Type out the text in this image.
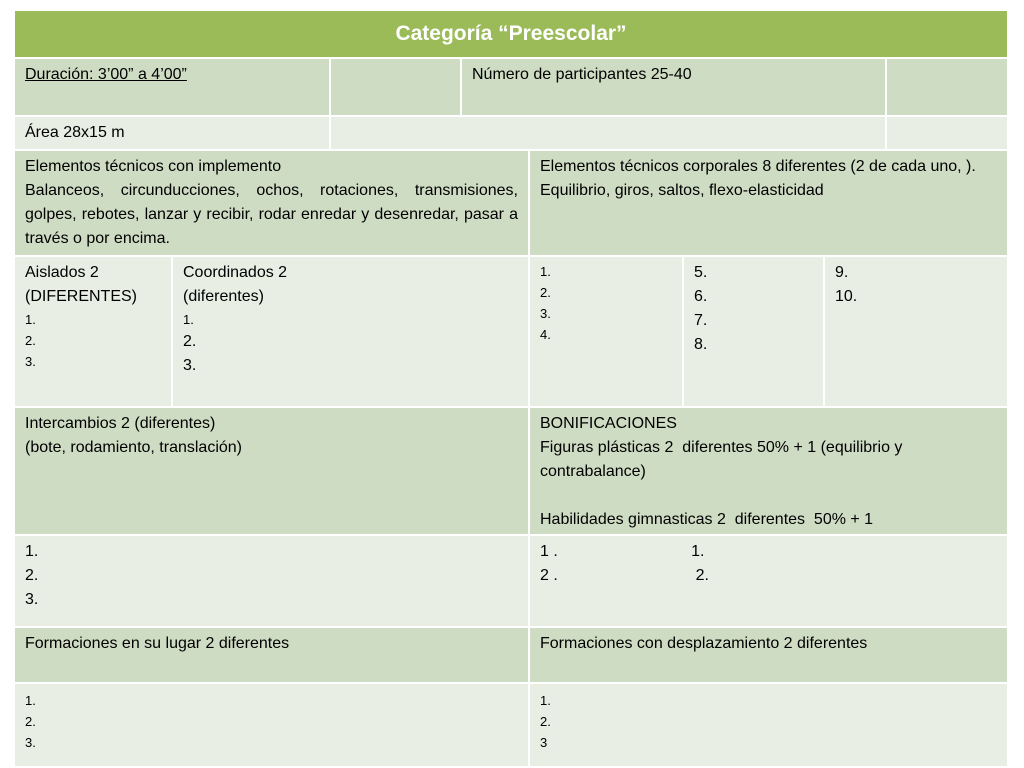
Categoría “Preescolar”
Duración: 3’00” a 4’00”	Número de participantes 25-40
Área 28x15 m
Elementos técnicos con implemento
Balanceos, circunducciones, ochos, rotaciones, transmisiones, golpes, rebotes, lanzar y recibir, rodar enredar y desenredar, pasar a través o por encima.
Elementos técnicos corporales 8 diferentes (2 de cada uno, ).
Equilibrio, giros, saltos, flexo-elasticidad
Aislados 2
(DIFERENTES)
1.
2.
3.
Coordinados 2
(diferentes)
1.
2.
3.
1.
2.
3.
4.
5.
6.
7.
8.
9.
10.
Intercambios 2 (diferentes)
(bote, rodamiento, translación)
BONIFICACIONES
Figuras plásticas 2  diferentes 50% + 1 (equilibrio y
contrabalance)
Habilidades gimnasticas 2  diferentes  50% + 1
1.
2.
3.
1 .                              1.
2 .                               2.
Formaciones en su lugar 2 diferentes	Formaciones con desplazamiento 2 diferentes
1.
2.
3.
1.
2.
3
